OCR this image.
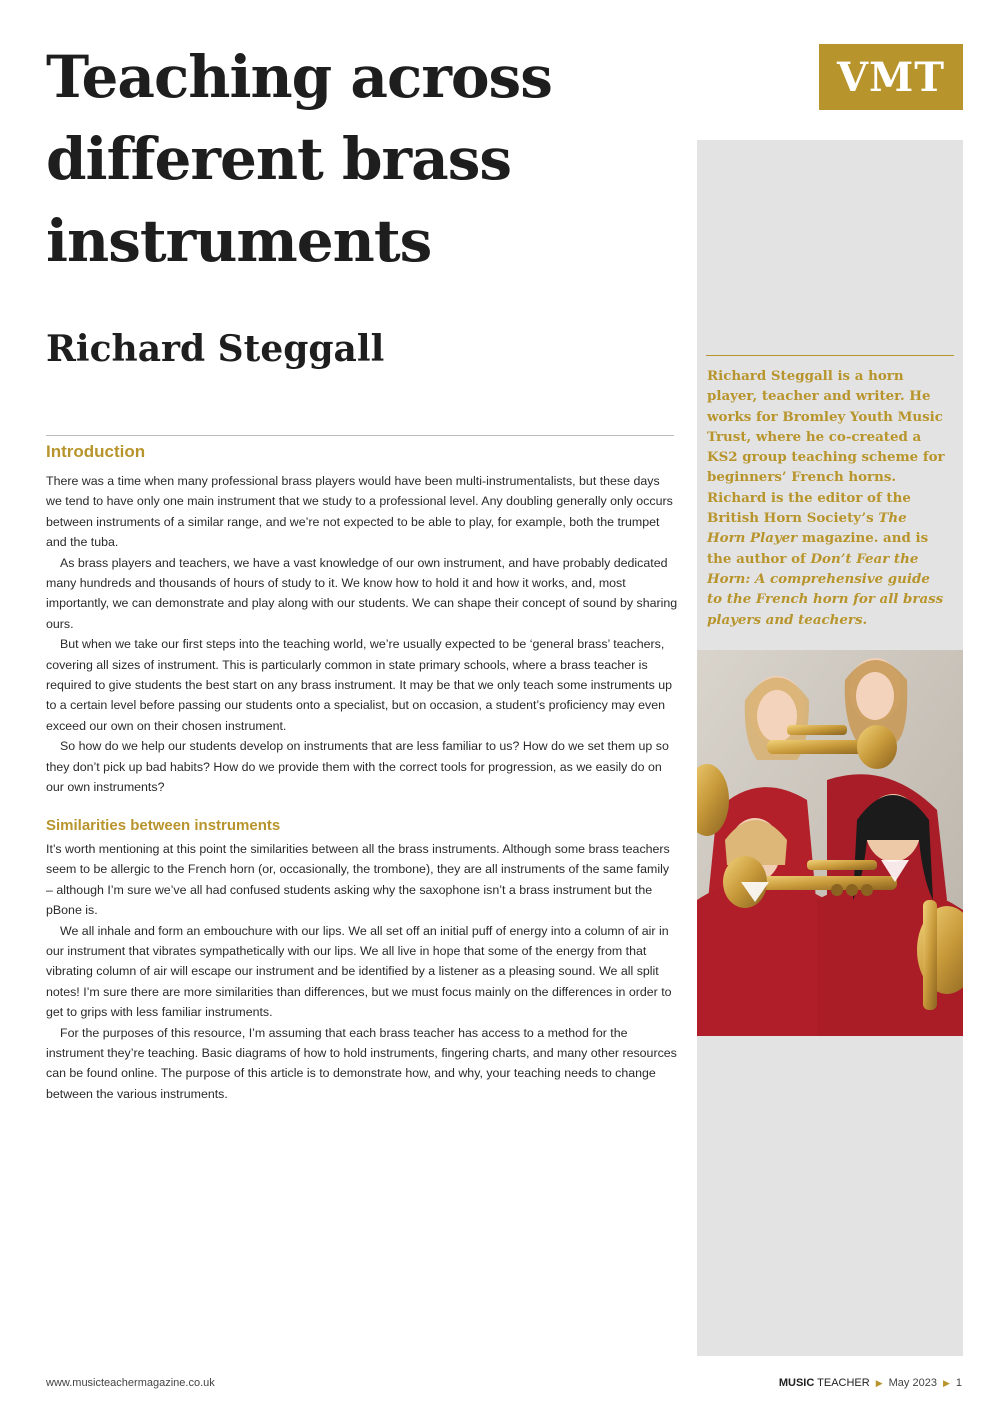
Teaching across different brass instruments
Richard Steggall
VMT

Richard Steggall is a horn player, teacher and writer. He works for Bromley Youth Music Trust, where he co-created a KS2 group teaching scheme for beginners’ French horns. Richard is the editor of the British Horn Society’s The Horn Player magazine. and is the author of Don’t Fear the Horn: A comprehensive guide to the French horn for all brass players and teachers.

Introduction

There was a time when many professional brass players would have been multi-instrumentalists, but these days we tend to have only one main instrument that we study to a professional level. Any doubling generally only occurs between instruments of a similar range, and we’re not expected to be able to play, for example, both the trumpet and the tuba.

As brass players and teachers, we have a vast knowledge of our own instrument, and have probably dedicated many hundreds and thousands of hours of study to it. We know how to hold it and how it works, and, most importantly, we can demonstrate and play along with our students. We can shape their concept of sound by sharing ours.

But when we take our first steps into the teaching world, we’re usually expected to be ‘general brass’ teachers, covering all sizes of instrument. This is particularly common in state primary schools, where a brass teacher is required to give students the best start on any brass instrument. It may be that we only teach some instruments up to a certain level before passing our students onto a specialist, but on occasion, a student’s proficiency may even exceed our own on their chosen instrument.

So how do we help our students develop on instruments that are less familiar to us? How do we set them up so they don’t pick up bad habits? How do we provide them with the correct tools for progression, as we easily do on our own instruments?

Similarities between instruments

It’s worth mentioning at this point the similarities between all the brass instruments. Although some brass teachers seem to be allergic to the French horn (or, occasionally, the trombone), they are all instruments of the same family – although I’m sure we’ve all had confused students asking why the saxophone isn’t a brass instrument but the pBone is.

We all inhale and form an embouchure with our lips. We all set off an initial puff of energy into a column of air in our instrument that vibrates sympathetically with our lips. We all live in hope that some of the energy from that vibrating column of air will escape our instrument and be identified by a listener as a pleasing sound. We all split notes! I’m sure there are more similarities than differences, but we must focus mainly on the differences in order to get to grips with less familiar instruments.

For the purposes of this resource, I’m assuming that each brass teacher has access to a method for the instrument they’re teaching. Basic diagrams of how to hold instruments, fingering charts, and many other resources can be found online. The purpose of this article is to demonstrate how, and why, your teaching needs to change between the various instruments.

www.musicteachermagazine.co.uk	MUSIC TEACHER ▶ May 2023 ▶ 1
